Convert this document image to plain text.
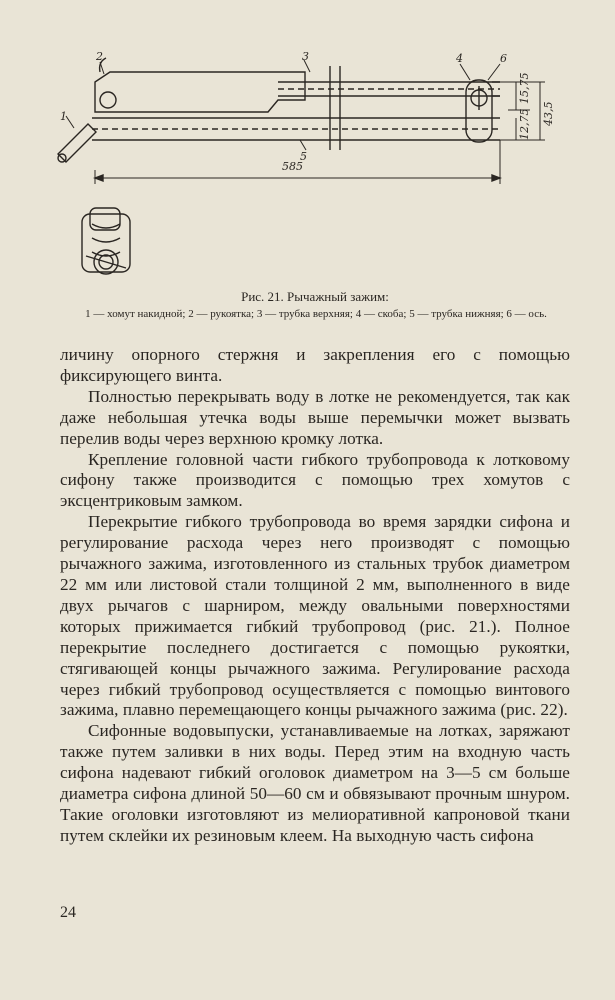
585
43,5
15,75
12,75
1
2	3	4
5
6
Рис. 21. Рычажный зажим:
1 — хомут накидной; 2 — рукоятка; 3 — трубка верхняя; 4 — скоба; 5 — трубка нижняя; 6 — ось.

личину опорного стержня и закрепления его с помощью фиксирующего винта.

Полностью перекрывать воду в лотке не рекомендуется, так как даже небольшая утечка воды выше перемычки может вызвать перелив воды через верхнюю кромку лотка.

Крепление головной части гибкого трубопровода к лотковому сифону также производится с помощью трех хомутов с эксцентриковым замком.

Перекрытие гибкого трубопровода во время зарядки сифона и регулирование расхода через него производят с помощью рычажного зажима, изготовленного из стальных трубок диаметром 22 мм или листовой стали толщиной 2 мм, выполненного в виде двух рычагов с шарниром, между овальными поверхностями которых прижимается гибкий трубопровод (рис. 21.). Полное перекрытие последнего достигается с помощью рукоятки, стягивающей концы рычажного зажима. Регулирование расхода через гибкий трубопровод осуществляется с помощью винтового зажима, плавно перемещающего концы рычажного зажима (рис. 22).

Сифонные водовыпуски, устанавливаемые на лотках, заряжают также путем заливки в них воды. Перед этим на входную часть сифона надевают гибкий оголовок диаметром на 3—5 см больше диаметра сифона длиной 50—60 см и обвязывают прочным шнуром. Такие оголовки изготовляют из мелиоративной капроновой ткани путем склейки их резиновым клеем. На выходную часть сифона

24
